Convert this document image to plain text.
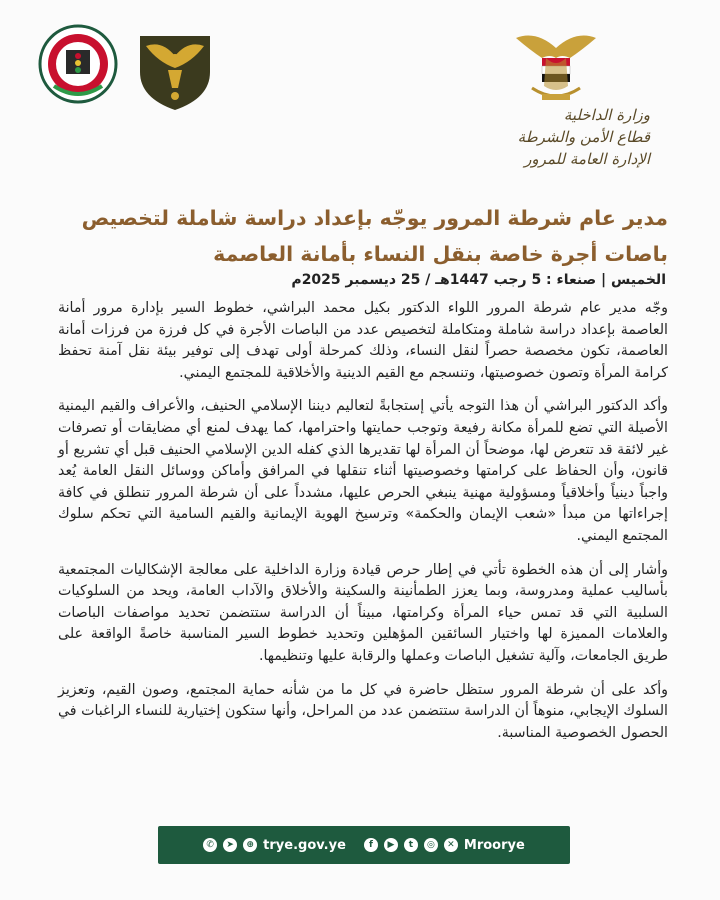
وزارة الداخلية
قطاع الأمن والشرطة
الإدارة العامة للمرور
مدير عام شرطة المرور يوجّه بإعداد دراسة شاملة لتخصيص باصات أجرة خاصة بنقل النساء بأمانة العاصمة
الخميس | صنعاء : 5 رجب 1447هـ / 25 ديسمبر 2025م

وجّه مدير عام شرطة المرور اللواء الدكتور بكيل محمد البراشي، خطوط السير بإدارة مرور أمانة العاصمة بإعداد دراسة شاملة ومتكاملة لتخصيص عدد من الباصات الأجرة في كل فرزة من فرزات أمانة العاصمة، تكون مخصصة حصراً لنقل النساء، وذلك كمرحلة أولى تهدف إلى توفير بيئة نقل آمنة تحفظ كرامة المرأة وتصون خصوصيتها، وتنسجم مع القيم الدينية والأخلاقية للمجتمع اليمني.

وأكد الدكتور البراشي أن هذا التوجه يأتي إستجابةً لتعاليم ديننا الإسلامي الحنيف، والأعراف والقيم اليمنية الأصيلة التي تضع للمرأة مكانة رفيعة وتوجب حمايتها واحترامها، كما يهدف لمنع أي مضايقات أو تصرفات غير لائقة قد تتعرض لها، موضحاً أن المرأة لها تقديرها الذي كفله الدين الإسلامي الحنيف قبل أي تشريع أو قانون، وأن الحفاظ على كرامتها وخصوصيتها أثناء تنقلها في المرافق وأماكن ووسائل النقل العامة يُعد واجباً دينياً وأخلاقياً ومسؤولية مهنية ينبغي الحرص عليها، مشدداً على أن شرطة المرور تنطلق في كافة إجراءاتها من مبدأ «شعب الإيمان والحكمة» وترسيخ الهوية الإيمانية والقيم السامية التي تحكم سلوك المجتمع اليمني.

وأشار إلى أن هذه الخطوة تأتي في إطار حرص قيادة وزارة الداخلية على معالجة الإشكاليات المجتمعية بأساليب عملية ومدروسة، وبما يعزز الطمأنينة والسكينة والأخلاق والآداب العامة، ويحد من السلوكيات السلبية التي قد تمس حياء المرأة وكرامتها، مبيناً أن الدراسة ستتضمن تحديد مواصفات الباصات والعلامات المميزة لها واختيار السائقين المؤهلين وتحديد خطوط السير المناسبة خاصةً الواقعة على طريق الجامعات، وآلية تشغيل الباصات وعملها والرقابة عليها وتنظيمها.

وأكد على أن شرطة المرور ستظل حاضرة في كل ما من شأنه حماية المجتمع، وصون القيم، وتعزيز السلوك الإيجابي، منوهاً أن الدراسة ستتضمن عدد من المراحل، وأنها ستكون إختيارية للنساء الراغبات في الحصول الخصوصية المناسبة.

✆	➤	⊕ trye.gov.ye	f	▶	t	◎	✕ Mroorye
